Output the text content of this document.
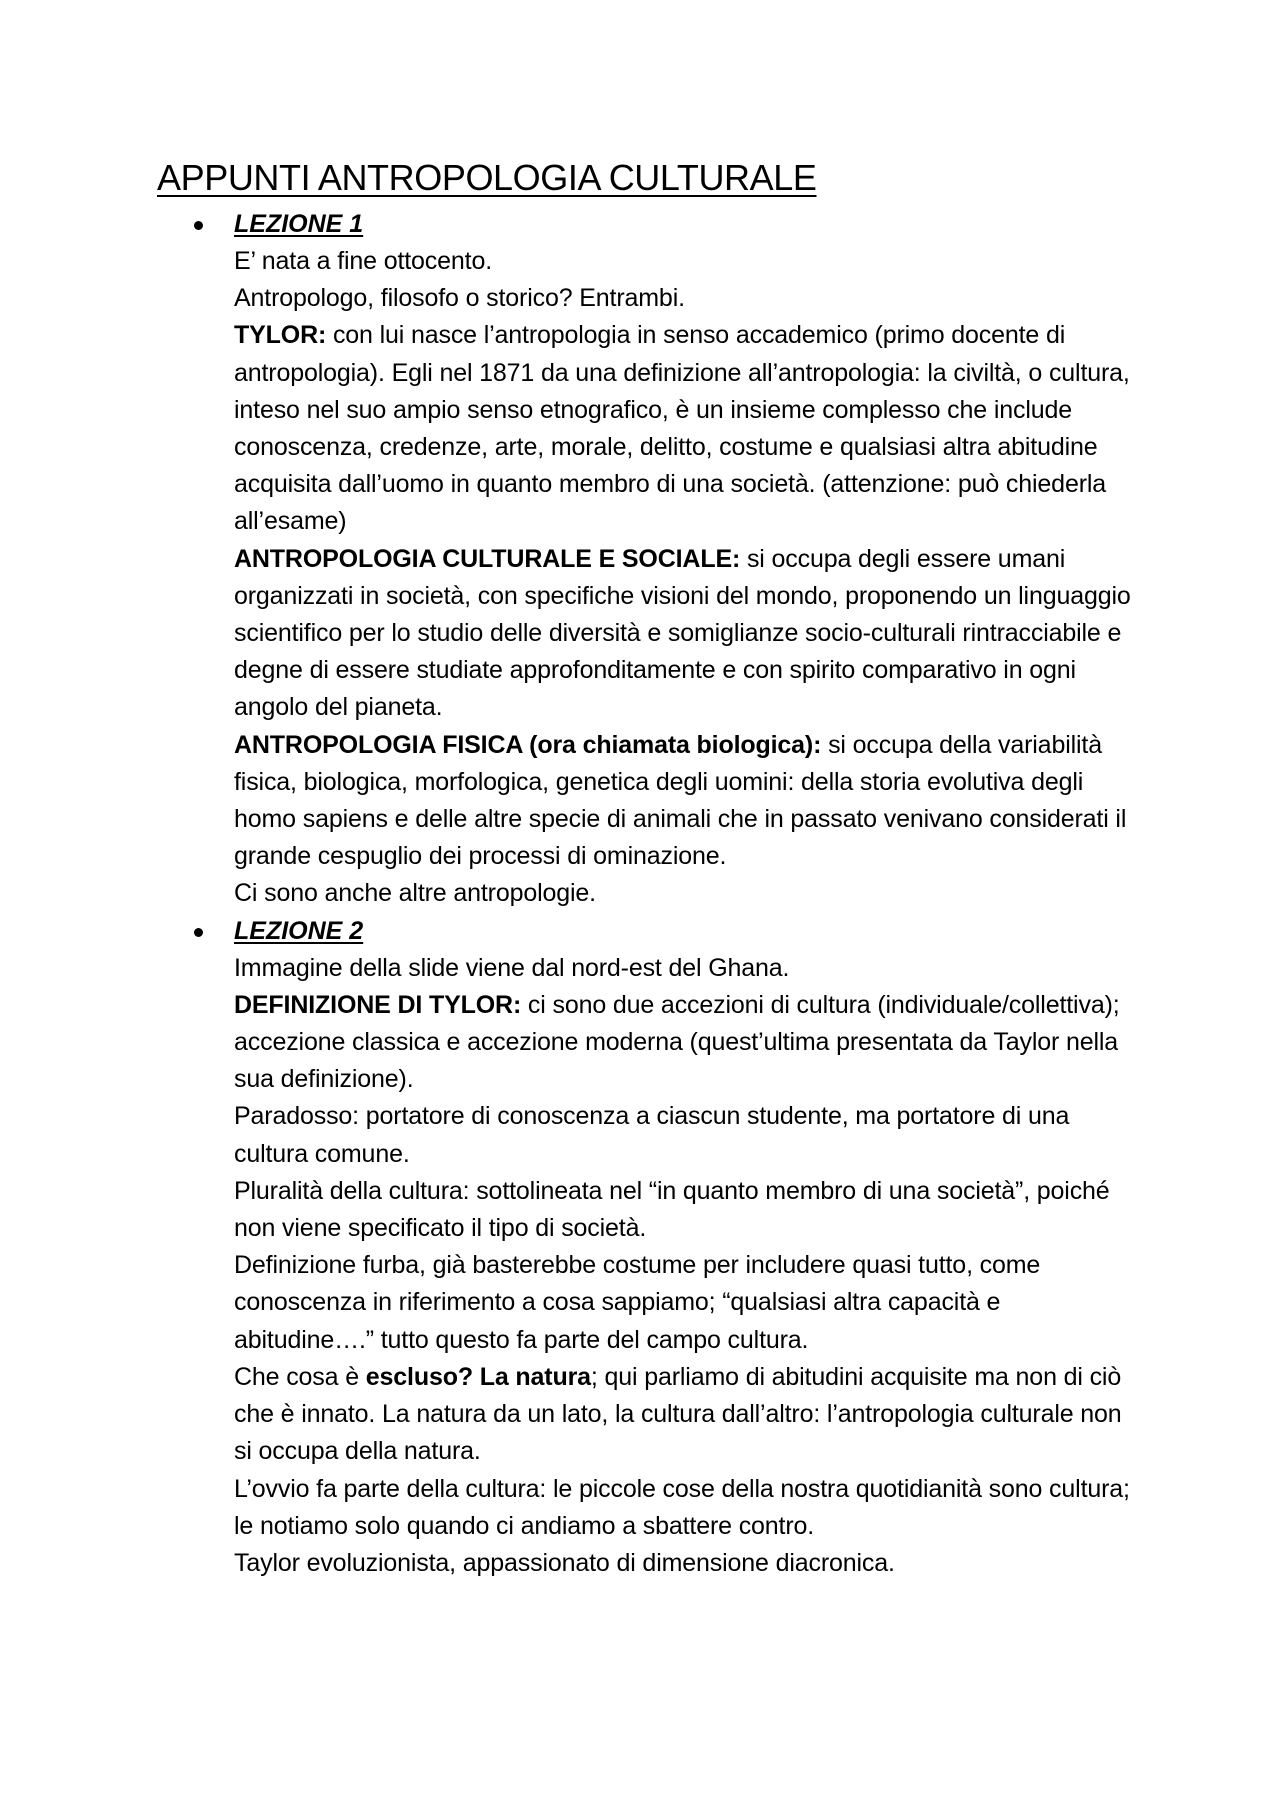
APPUNTI ANTROPOLOGIA CULTURALE
LEZIONE 1

E’ nata a fine ottocento.

Antropologo, filosofo o storico? Entrambi.

TYLOR: con lui nasce l’antropologia in senso accademico (primo docente di antropologia). Egli nel 1871 da una definizione all’antropologia: la civiltà, o cultura, inteso nel suo ampio senso etnografico, è un insieme complesso che include conoscenza, credenze, arte, morale, delitto, costume e qualsiasi altra abitudine acquisita dall’uomo in quanto membro di una società. (attenzione: può chiederla all’esame)

ANTROPOLOGIA CULTURALE E SOCIALE: si occupa degli essere umani organizzati in società, con specifiche visioni del mondo, proponendo un linguaggio scientifico per lo studio delle diversità e somiglianze socio-culturali rintracciabile e degne di essere studiate approfonditamente e con spirito comparativo in ogni angolo del pianeta.

ANTROPOLOGIA FISICA (ora chiamata biologica): si occupa della variabilità fisica, biologica, morfologica, genetica degli uomini: della storia evolutiva degli homo sapiens e delle altre specie di animali che in passato venivano considerati il grande cespuglio dei processi di ominazione.

Ci sono anche altre antropologie.

LEZIONE 2

Immagine della slide viene dal nord-est del Ghana.

DEFINIZIONE DI TYLOR: ci sono due accezioni di cultura (individuale/collettiva); accezione classica e accezione moderna (quest’ultima presentata da Taylor nella sua definizione).

Paradosso: portatore di conoscenza a ciascun studente, ma portatore di una cultura comune.

Pluralità della cultura: sottolineata nel “in quanto membro di una società”, poiché non viene specificato il tipo di società.

Definizione furba, già basterebbe costume per includere quasi tutto, come conoscenza in riferimento a cosa sappiamo; “qualsiasi altra capacità e abitudine….” tutto questo fa parte del campo cultura.

Che cosa è escluso? La natura; qui parliamo di abitudini acquisite ma non di ciò che è innato. La natura da un lato, la cultura dall’altro: l’antropologia culturale non si occupa della natura.

L’ovvio fa parte della cultura: le piccole cose della nostra quotidianità sono cultura; le notiamo solo quando ci andiamo a sbattere contro.

Taylor evoluzionista, appassionato di dimensione diacronica.
